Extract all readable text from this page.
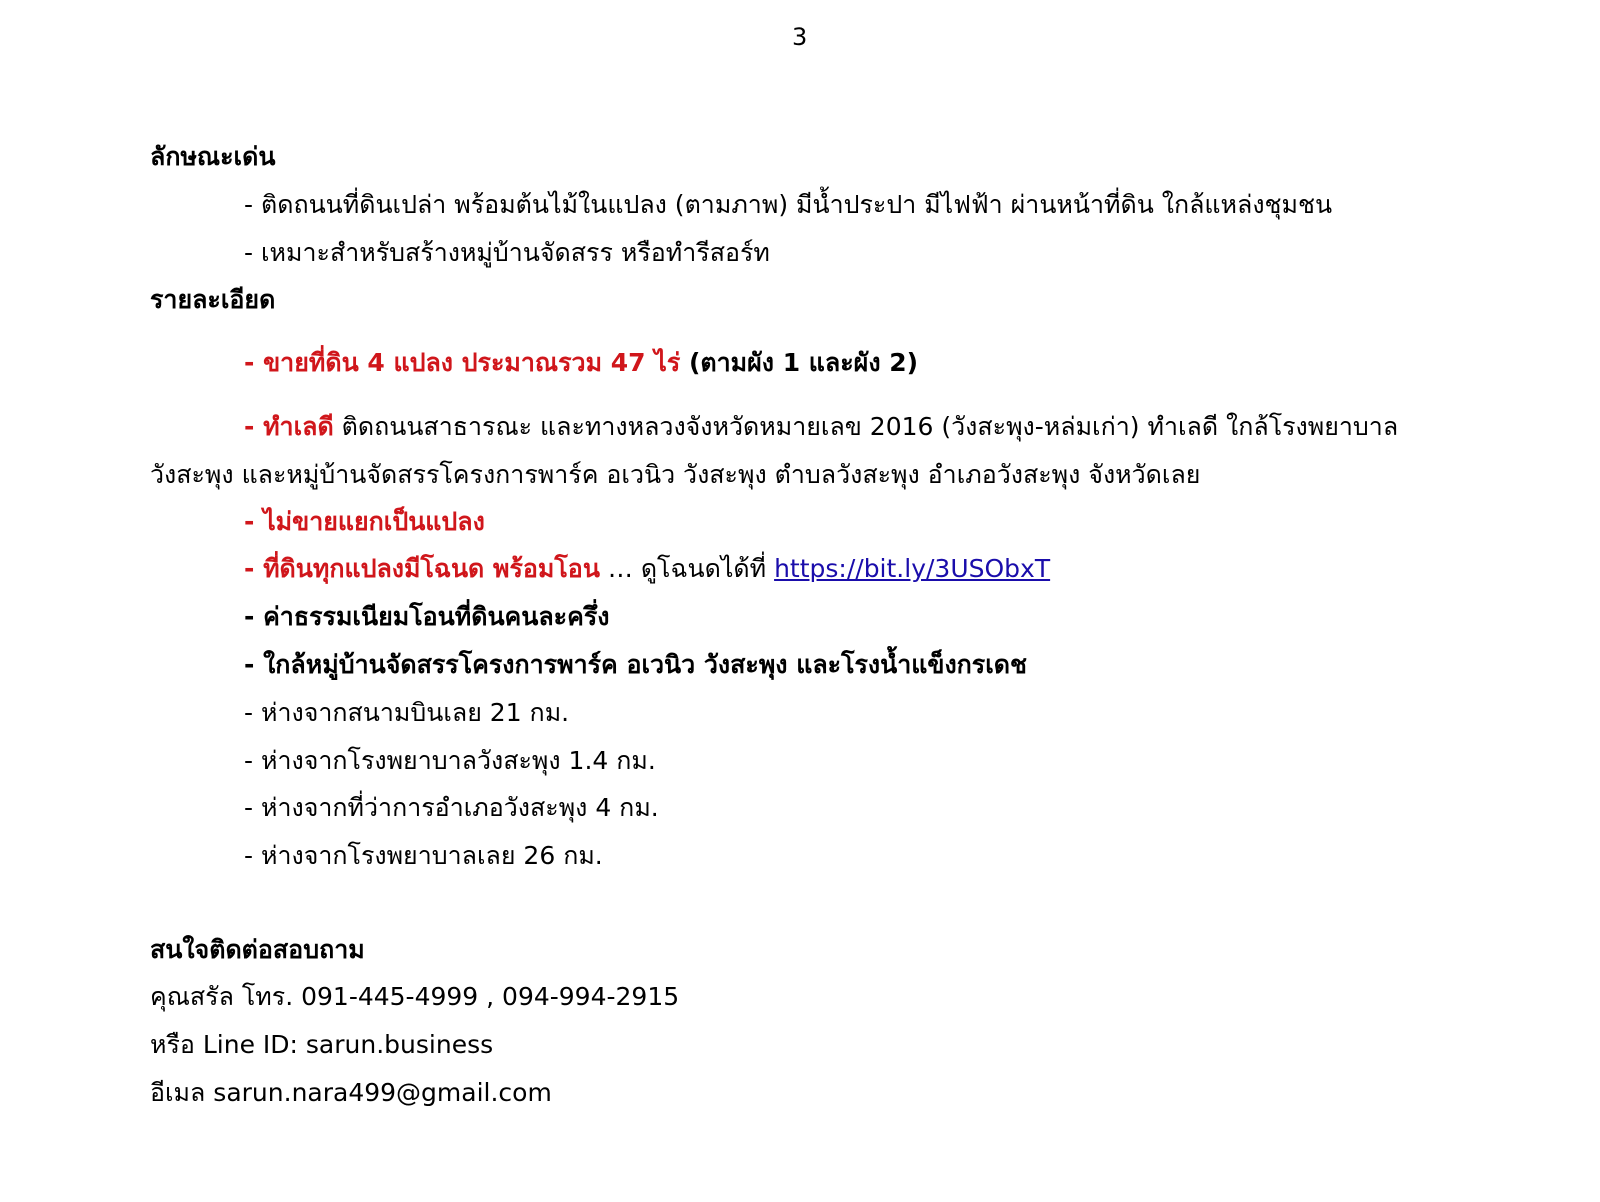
3
ลักษณะเด่น
- ติดถนนที่ดินเปล่า พร้อมต้นไม้ในแปลง (ตามภาพ) มีน้ำประปา มีไฟฟ้า ผ่านหน้าที่ดิน ใกล้แหล่งชุมชน
- เหมาะสำหรับสร้างหมู่บ้านจัดสรร หรือทำรีสอร์ท
รายละเอียด
- ขายที่ดิน 4 แปลง ประมาณรวม 47 ไร่ (ตามผัง 1 และผัง 2)
- ทำเลดี ติดถนนสาธารณะ และทางหลวงจังหวัดหมายเลข 2016 (วังสะพุง-หล่มเก่า) ทำเลดี ใกล้โรงพยาบาล
วังสะพุง และหมู่บ้านจัดสรรโครงการพาร์ค อเวนิว วังสะพุง ตำบลวังสะพุง อำเภอวังสะพุง จังหวัดเลย
- ไม่ขายแยกเป็นแปลง
- ที่ดินทุกแปลงมีโฉนด พร้อมโอน … ดูโฉนดได้ที่ https://bit.ly/3USObxT
- ค่าธรรมเนียมโอนที่ดินคนละครึ่ง
- ใกล้หมู่บ้านจัดสรรโครงการพาร์ค อเวนิว วังสะพุง และโรงน้ำแข็งกรเดช
- ห่างจากสนามบินเลย 21 กม.
- ห่างจากโรงพยาบาลวังสะพุง 1.4 กม.
- ห่างจากที่ว่าการอำเภอวังสะพุง 4 กม.
- ห่างจากโรงพยาบาลเลย 26 กม.
สนใจติดต่อสอบถาม
คุณสรัล โทร. 091-445-4999 , 094-994-2915
หรือ Line ID: sarun.business
อีเมล sarun.nara499@gmail.com
